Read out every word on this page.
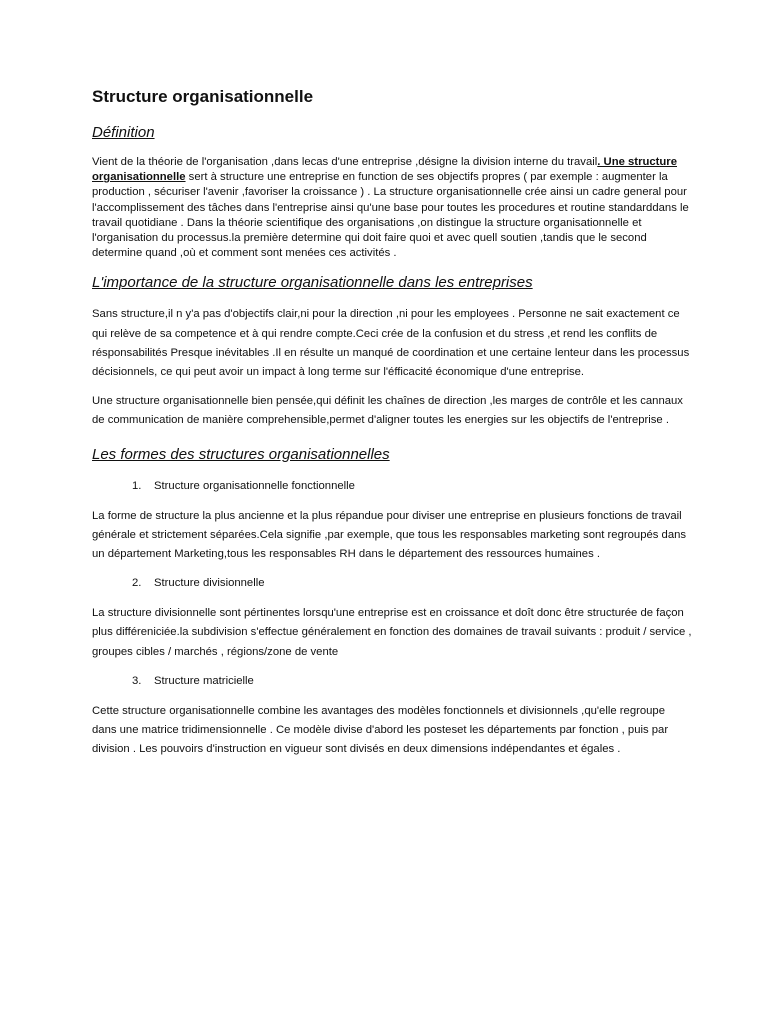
Structure organisationnelle
Définition

Vient de la théorie de l'organisation ,dans lecas d'une entreprise ,désigne la division interne du travail. Une structure organisationnelle sert à structure une entreprise en function de ses objectifs propres ( par exemple : augmenter la production , sécuriser l'avenir ,favoriser la croissance ) . La structure organisationnelle crée ainsi un cadre general pour l'accomplissement des tâches dans l'entreprise ainsi qu'une base pour toutes les procedures et routine standarddans le travail quotidiane . Dans la théorie scientifique des organisations ,on distingue la structure organisationnelle et l'organisation du processus.la première determine qui doit faire quoi et avec quell soutien ,tandis que le second determine quand ,où et comment sont menées ces activités .

L'importance de la structure organisationnelle dans les entreprises

Sans structure,il n y'a pas d'objectifs clair,ni pour la direction ,ni pour les employees . Personne ne sait exactement ce qui relève de sa competence et à qui rendre compte.Ceci crée de la confusion et du stress ,et rend les conflits de résponsabilités Presque inévitables .Il en résulte un manqué de coordination et une certaine lenteur dans les processus décisionnels, ce qui peut avoir un impact à long terme sur l'éfficacité économique d'une entreprise.

Une structure organisationnelle bien pensée,qui définit les chaînes de direction ,les marges de contrôle et les cannaux de communication de manière comprehensible,permet d'aligner toutes les energies sur les objectifs de l'entreprise .

Les formes des structures organisationnelles
1. Structure organisationnelle fonctionnelle

La forme de structure la plus ancienne et la plus répandue pour diviser une entreprise en plusieurs fonctions de travail générale et strictement séparées.Cela signifie ,par exemple, que tous les responsables marketing sont regroupés dans un département Marketing,tous les responsables RH dans le département des ressources humaines .

2. Structure divisionnelle

La structure divisionnelle sont pértinentes lorsqu'une entreprise est en croissance et doît donc être structurée de façon plus différeniciée.la subdivision s'effectue généralement en fonction des domaines de travail suivants : produit / service , groupes cibles / marchés , régions/zone de vente

3. Structure matricielle

Cette structure organisationnelle combine les avantages des modèles fonctionnels et divisionnels ,qu'elle regroupe dans une matrice tridimensionnelle . Ce modèle divise d'abord les posteset les départements par fonction , puis par division . Les pouvoirs d'instruction en vigueur sont divisés en deux dimensions indépendantes et égales .
